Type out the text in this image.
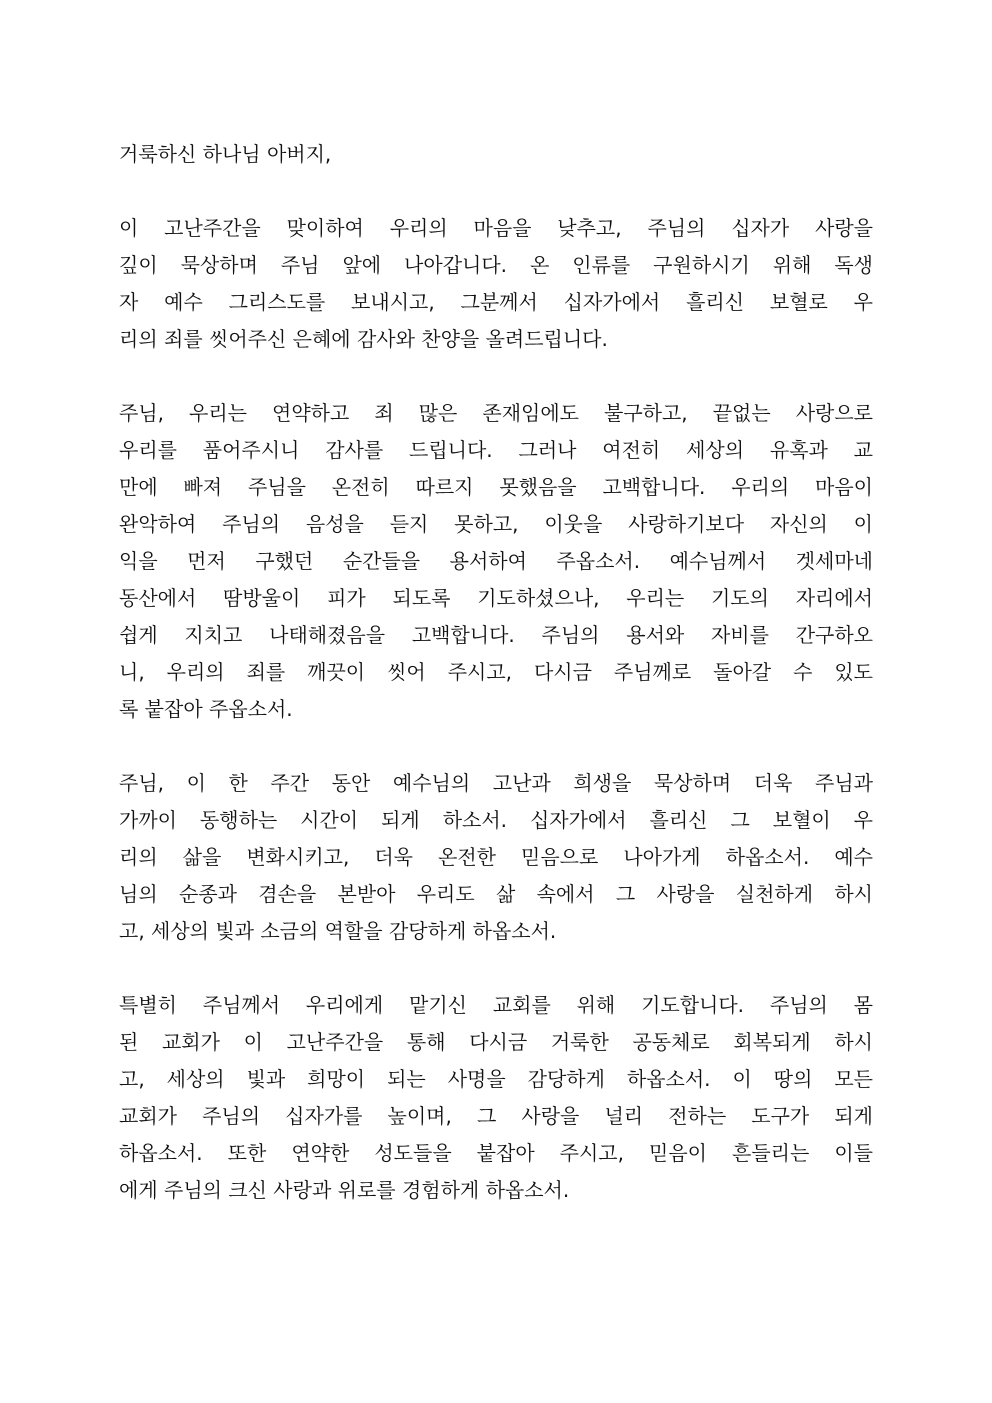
거룩하신 하나님 아버지,
이 고난주간을 맞이하여 우리의 마음을 낮추고, 주님의 십자가 사랑을
깊이 묵상하며 주님 앞에 나아갑니다. 온 인류를 구원하시기 위해 독생
자 예수 그리스도를 보내시고, 그분께서 십자가에서 흘리신 보혈로 우
리의 죄를 씻어주신 은혜에 감사와 찬양을 올려드립니다.
주님, 우리는 연약하고 죄 많은 존재임에도 불구하고, 끝없는 사랑으로
우리를 품어주시니 감사를 드립니다. 그러나 여전히 세상의 유혹과 교
만에 빠져 주님을 온전히 따르지 못했음을 고백합니다. 우리의 마음이
완악하여 주님의 음성을 듣지 못하고, 이웃을 사랑하기보다 자신의 이
익을 먼저 구했던 순간들을 용서하여 주옵소서. 예수님께서 겟세마네
동산에서 땀방울이 피가 되도록 기도하셨으나, 우리는 기도의 자리에서
쉽게 지치고 나태해졌음을 고백합니다. 주님의 용서와 자비를 간구하오
니, 우리의 죄를 깨끗이 씻어 주시고, 다시금 주님께로 돌아갈 수 있도
록 붙잡아 주옵소서.
주님, 이 한 주간 동안 예수님의 고난과 희생을 묵상하며 더욱 주님과
가까이 동행하는 시간이 되게 하소서. 십자가에서 흘리신 그 보혈이 우
리의 삶을 변화시키고, 더욱 온전한 믿음으로 나아가게 하옵소서. 예수
님의 순종과 겸손을 본받아 우리도 삶 속에서 그 사랑을 실천하게 하시
고, 세상의 빛과 소금의 역할을 감당하게 하옵소서.
특별히 주님께서 우리에게 맡기신 교회를 위해 기도합니다. 주님의 몸
된 교회가 이 고난주간을 통해 다시금 거룩한 공동체로 회복되게 하시
고, 세상의 빛과 희망이 되는 사명을 감당하게 하옵소서. 이 땅의 모든
교회가 주님의 십자가를 높이며, 그 사랑을 널리 전하는 도구가 되게
하옵소서. 또한 연약한 성도들을 붙잡아 주시고, 믿음이 흔들리는 이들
에게 주님의 크신 사랑과 위로를 경험하게 하옵소서.
